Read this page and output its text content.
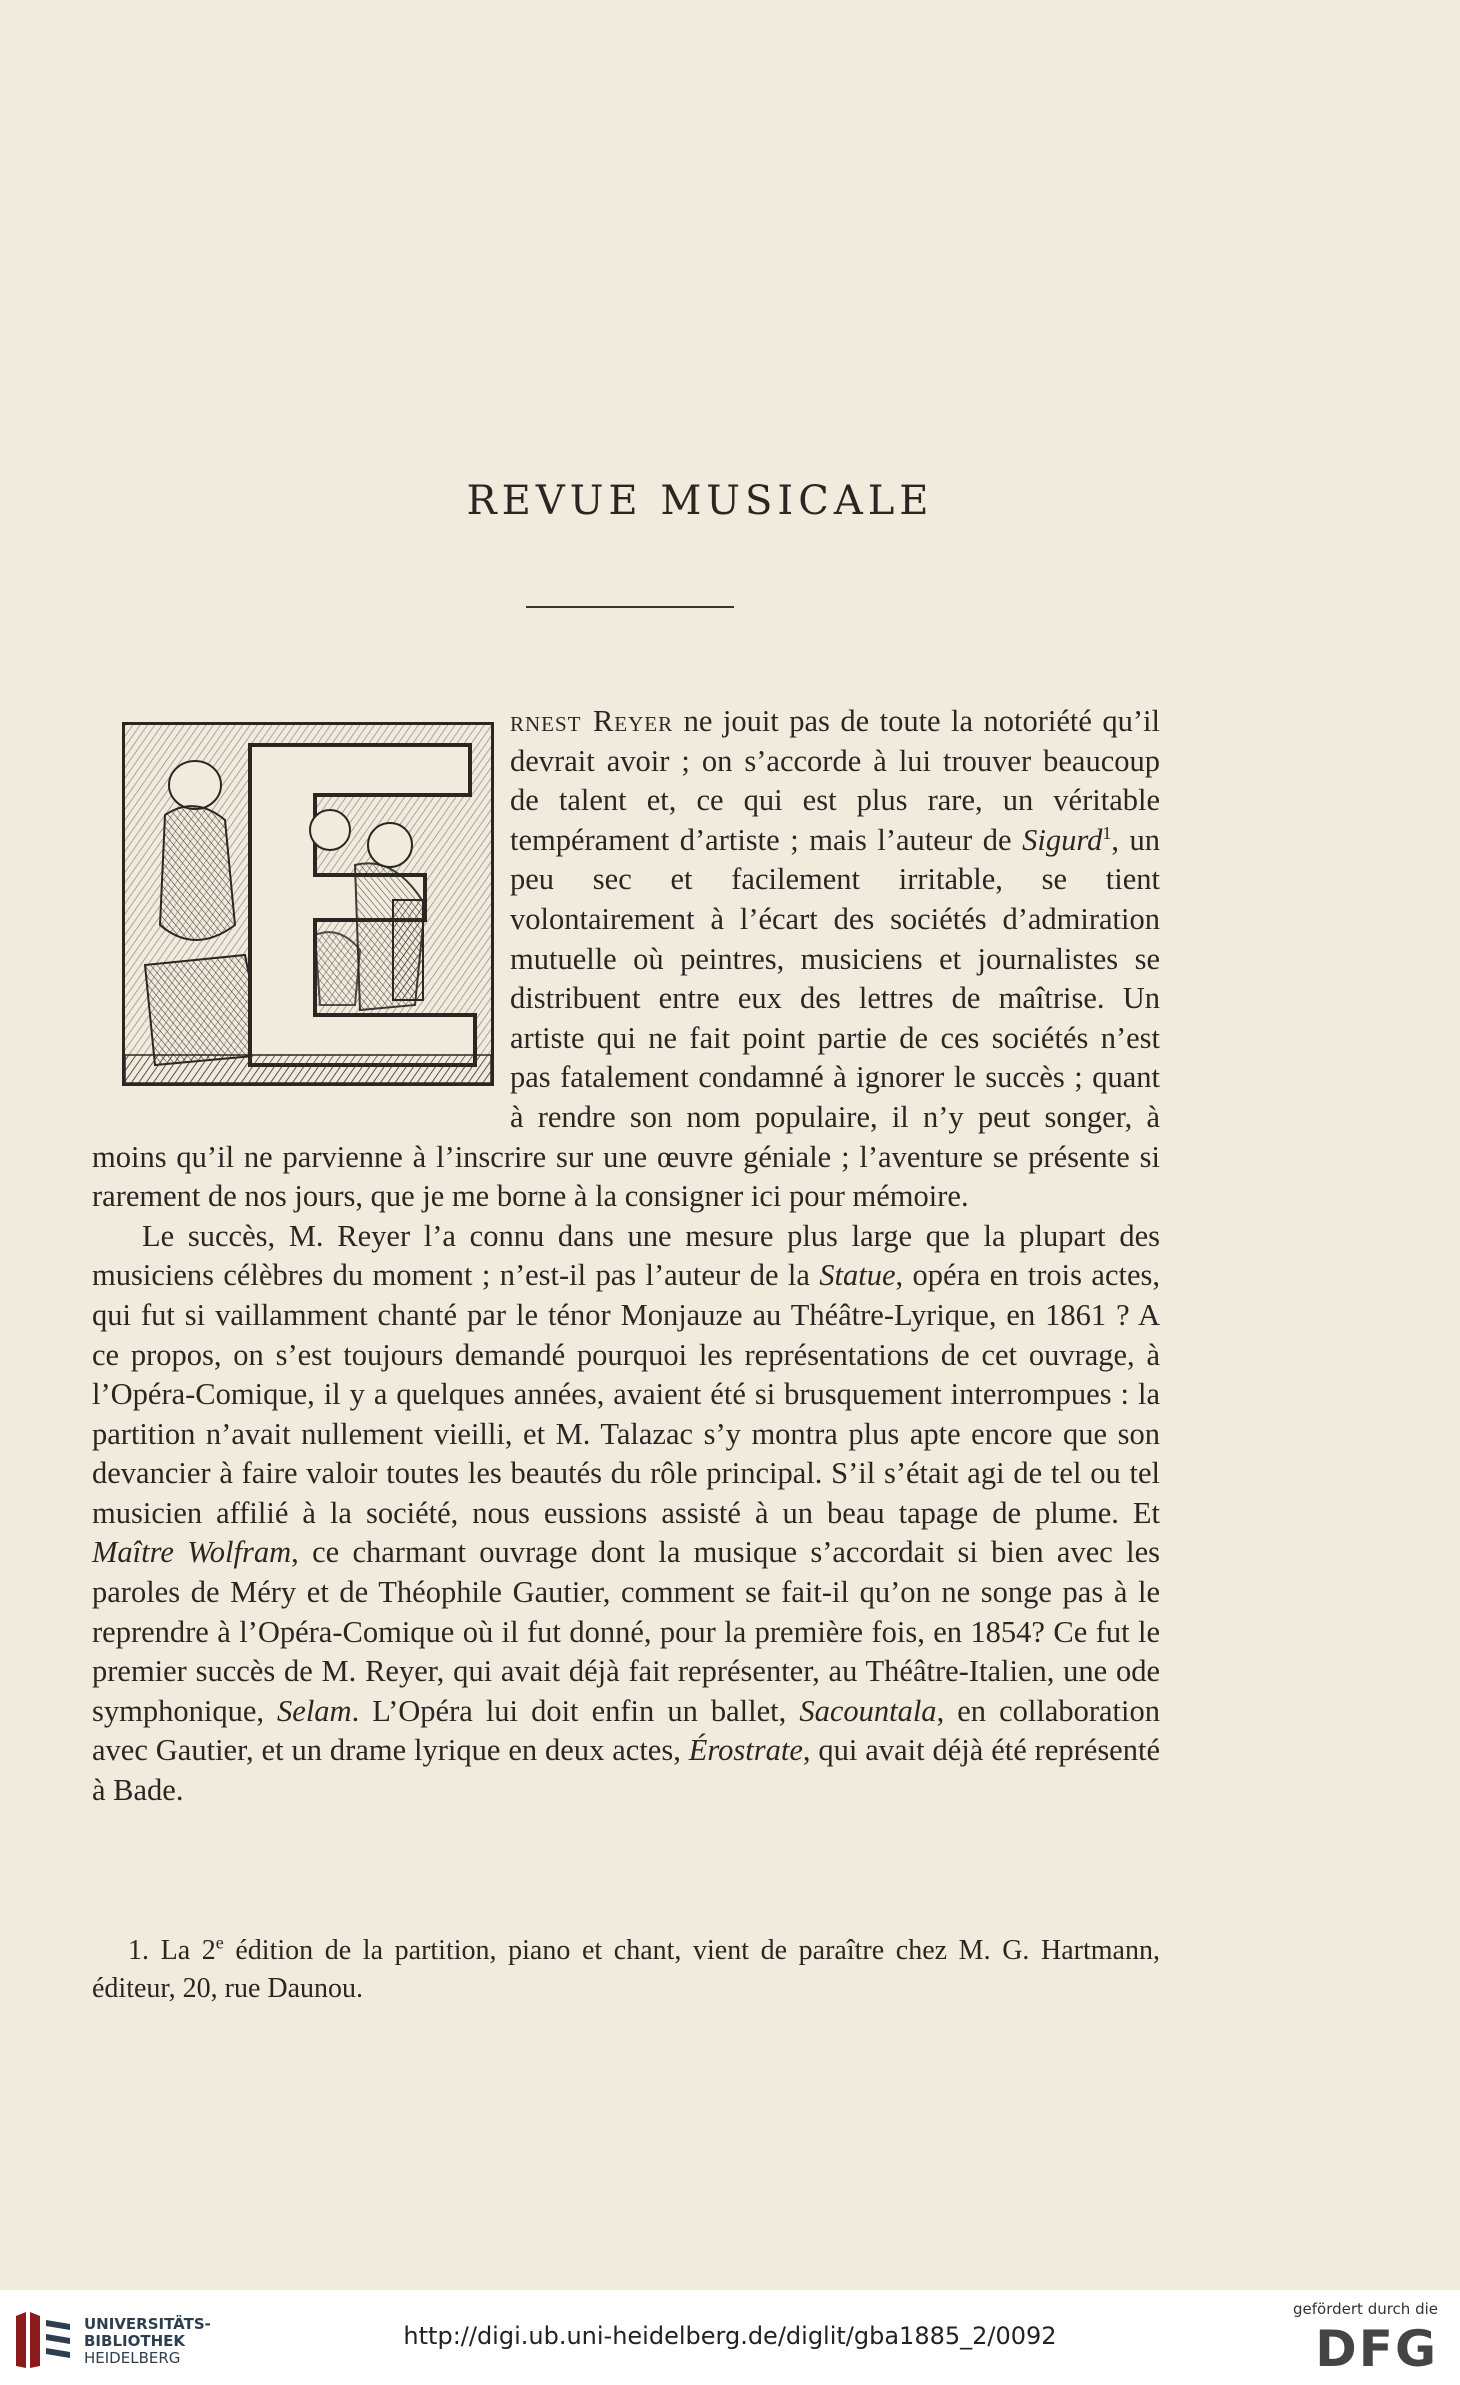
REVUE MUSICALE

rnest Reyer ne jouit pas de toute la notoriété qu’il devrait avoir ; on s’accorde à lui trouver beaucoup de talent et, ce qui est plus rare, un véritable tempérament d’artiste ; mais l’auteur de Sigurd$^1$, un peu sec et facilement irritable, se tient volontairement à l’écart des sociétés d’admiration mutuelle où peintres, musiciens et journalistes se distribuent entre eux des lettres de maîtrise. Un artiste qui ne fait point partie de ces sociétés n’est pas fatalement condamné à ignorer le succès ; quant à rendre son nom populaire, il n’y peut songer, à moins qu’il ne parvienne à l’inscrire sur une œuvre géniale ; l’aventure se présente si rarement de nos jours, que je me borne à la consigner ici pour mémoire.

Le succès, M. Reyer l’a connu dans une mesure plus large que la plupart des musiciens célèbres du moment ; n’est-il pas l’auteur de la Statue, opéra en trois actes, qui fut si vaillamment chanté par le ténor Monjauze au Théâtre-Lyrique, en 1861 ? A ce propos, on s’est toujours demandé pourquoi les représentations de cet ouvrage, à l’Opéra-Comique, il y a quelques années, avaient été si brusquement interrompues : la partition n’avait nullement vieilli, et M. Talazac s’y montra plus apte encore que son devancier à faire valoir toutes les beautés du rôle principal. S’il s’était agi de tel ou tel musicien affilié à la société, nous eussions assisté à un beau tapage de plume. Et Maître Wolfram, ce charmant ouvrage dont la musique s’accordait si bien avec les paroles de Méry et de Théophile Gautier, comment se fait-il qu’on ne songe pas à le reprendre à l’Opéra-Comique où il fut donné, pour la première fois, en 1854? Ce fut le premier succès de M. Reyer, qui avait déjà fait représenter, au Théâtre-Italien, une ode symphonique, Selam. L’Opéra lui doit enfin un ballet, Sacountala, en collaboration avec Gautier, et un drame lyrique en deux actes, Érostrate, qui avait déjà été représenté à Bade.

1. La 2e édition de la partition, piano et chant, vient de paraître chez M. G. Hartmann, éditeur, 20, rue Daunou.
UNIVERSITÄTS-
BIBLIOTHEK
HEIDELBERG
http://digi.ub.uni-heidelberg.de/diglit/gba1885_2/0092
gefördert durch die
DFG
